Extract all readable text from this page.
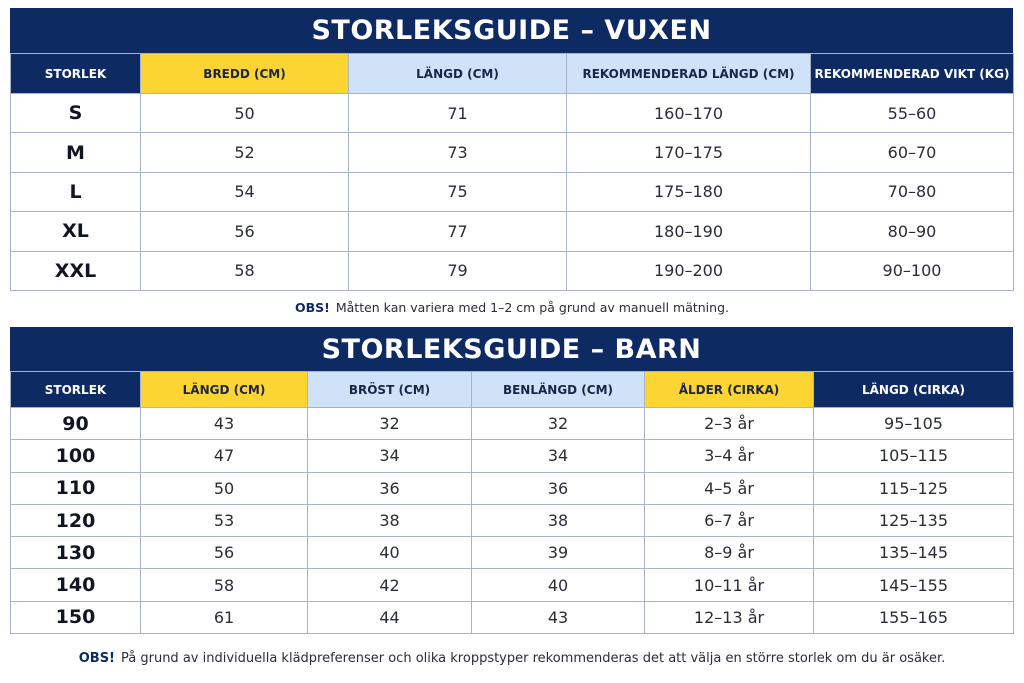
STORLEKSGUIDE – VUXEN
STORLEK	BREDD (CM)	LÄNGD (CM)	REKOMMENDERAD LÄNGD (CM)	REKOMMENDERAD VIKT (KG)
S	50	71	160–170	55–60
M	52	73	170–175	60–70
L	54	75	175–180	70–80
XL	56	77	180–190	80–90
XXL	58	79	190–200	90–100
OBS! Måtten kan variera med 1–2 cm på grund av manuell mätning.
STORLEKSGUIDE – BARN
STORLEK	LÄNGD (CM)	BRÖST (CM)	BENLÄNGD (CM)	ÅLDER (CIRKA)	LÄNGD (CIRKA)
90	43	32	32	2–3 år	95–105
100	47	34	34	3–4 år	105–115
110	50	36	36	4–5 år	115–125
120	53	38	38	6–7 år	125–135
130	56	40	39	8–9 år	135–145
140	58	42	40	10–11 år	145–155
150	61	44	43	12–13 år	155–165
OBS! På grund av individuella klädpreferenser och olika kroppstyper rekommenderas det att välja en större storlek om du är osäker.
